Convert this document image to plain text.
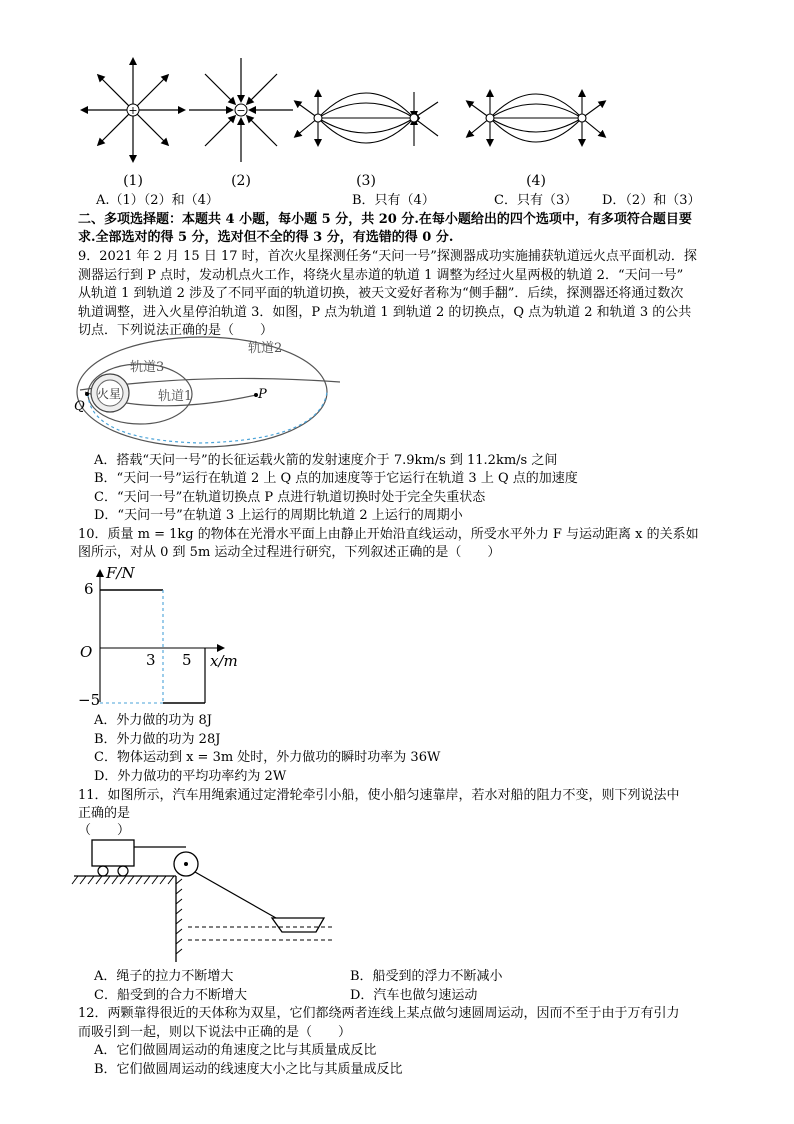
+	−
(1)	(2)	(3)	(4)
轨道2
轨道3
轨道1
火星	P
Q
F/N
x/m
O
6
−5
3 5
A.（1）（2）和（4）	B．只有（4）	C．只有（3） D．（2）和（3）
二、多项选择题：本题共 4 小题，每小题 5 分，共 20 分.在每小题给出的四个选项中，有多项符合题目要
求.全部选对的得 5 分，选对但不全的得 3 分，有选错的得 0 分.
9．2021 年 2 月 15 日 17 时，首次火星探测任务“天问一号”探测器成功实施捕获轨道远火点平面机动．探
测器运行到 P 点时，发动机点火工作，将绕火星赤道的轨道 1 调整为经过火星两极的轨道 2．“天问一号”
从轨道 1 到轨道 2 涉及了不同平面的轨道切换，被天文爱好者称为“侧手翻”．后续，探测器还将通过数次
轨道调整，进入火星停泊轨道 3．如图，P 点为轨道 1 到轨道 2 的切换点，Q 点为轨道 2 和轨道 3 的公共
切点．下列说法正确的是（　　）
A．搭载“天问一号”的长征运载火箭的发射速度介于 7.9km/s 到 11.2km/s 之间
B．“天问一号”运行在轨道 2 上 Q 点的加速度等于它运行在轨道 3 上 Q 点的加速度
C．“天问一号”在轨道切换点 P 点进行轨道切换时处于完全失重状态
D．“天问一号”在轨道 3 上运行的周期比轨道 2 上运行的周期小
10．质量 m = 1kg 的物体在光滑水平面上由静止开始沿直线运动，所受水平外力 F 与运动距离 x 的关系如
图所示，对从 0 到 5m 运动全过程进行研究，下列叙述正确的是（　　）
A．外力做的功为 8J
B．外力做的功为 28J
C．物体运动到 x = 3m 处时，外力做功的瞬时功率为 36W
D．外力做功的平均功率约为 2W
11．如图所示，汽车用绳索通过定滑轮牵引小船，使小船匀速靠岸，若水对船的阻力不变，则下列说法中
正确的是
（　　）
A．绳子的拉力不断增大	B．船受到的浮力不断减小
C．船受到的合力不断增大	D．汽车也做匀速运动
12．两颗靠得很近的天体称为双星，它们都绕两者连线上某点做匀速圆周运动，因而不至于由于万有引力
而吸引到一起，则以下说法中正确的是（　　）
A．它们做圆周运动的角速度之比与其质量成反比
B．它们做圆周运动的线速度大小之比与其质量成反比
